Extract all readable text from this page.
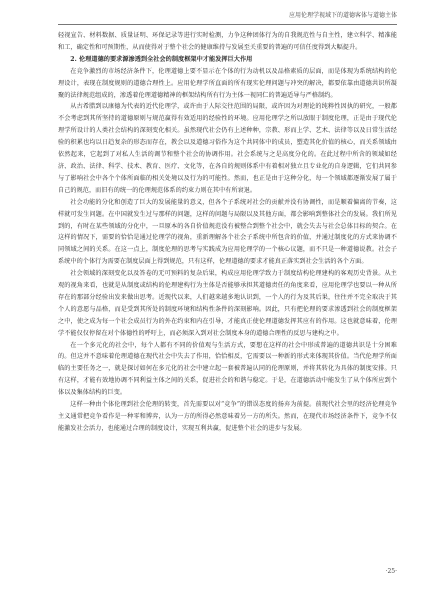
应用伦理学视域下的道德客体与道德主体

轻视宣告、材料数据、质量证明、环保记录等进行实时检测，力争这种团体行为的自我规范性与自主性，建立科学、精准能和工，确定性和可预期性，从而使得对于整个社会的健康维持与发展至关重要的普遍的可信任度得到大幅提升。

2. 伦理道德的要求源渗透到全社会的制度框架中才能发挥巨大作用

在竞争激烈的市场经济条件下，伦理道德上要不显示在个体的行为动机以及品格素质的层面，而是体现为系统结构的伦理设计，表现在制度规则的道德合理性上。应用伦理学所直面的所有现实伦理问题与冲突的解决，都要依靠由道德共识所凝聚的法律规范组成的，渗透着伦理道德精神的框架结构所有行为主体一视同仁的普遍适导与严格制约。

从古希腊到以康德为代表的近代伦理学，或许由于人际交往范围的局限，或许因为对理论的纯粹性因执的研究，一般都不会考虑到其所坚持的道德原则与规范赢得有效适用的经验性的环境。应用伦理学之所以放眼于制度伦理，正是由于现代伦理学所设计的人类社会结构的深刻变化相关。虽然现代社会仍有上述种种，宗教、形而上学、艺术、法律等以及日常生活经验的积累也均以日趋复杂的形态而存在，教会以及道德习俗作为这个共同体中的成员，塑造其化价值的核心，而关系领域由依然起来，它起到了对私人生活的调节和整个社会的协调作用。社会系统与之是高度分化的。在此过程中所含的领域如经济、政治、法律、科学、技术、教育、医疗、文化等，在各自的规则体系中有着相对独立且专业化的自身逻辑，它们共同参与了影响社会中各个个体所面临的相关处境以及行为的可能性。然而，也正是由于这种分化，每一个领域都逐渐发展了属于自己的规范，而旧有的统一的伦理规范体系的约束力则在其中有所衰退。

社会功能的分化和创造了巨大的发展能量的意义，但各个子系统对社会的贡献并没有协调性，而是顺着偏离的节奏，这样就可发生问题。在中国就发生过与那样的问题，这样的问题与局限以及其他方面，都会影响到整体社会的发展。我们所见到的，有时在某些领域的分化中，一旦原本的各自价值规范没有被整合到整个社会中，就会失去与社会总体目标的契合。在这样的情况下，需要的恰恰是通过伦理学的视角，重新理解各个社会子系统中所包含的价值，并通过制度化的方式来协调不同领域之间的关系。在这一点上，制度伦理的思考与实践成为应用伦理学的一个核心议题，而不只是一种道德说教。社会子系统中的个体行为需要在制度层面上得到规范，只有这样，伦理道德的要求才能真正落实到社会生活的各个方面。

社会领域的深刻变化以及答卷的无可预料的复杂后果，构成应用伦理学致力于制度结构伦理建构的客观历史背景。从主观的视角来看，也就是从制度或结构的伦理建构行为主体是否能够承担其道德责任的角度来看，应用伦理学也要以一种从所存在的那部分经验出发来做出思考。近现代以来，人们越来越多地认识到，一个人的行为及其后果，往往并不完全取决于其个人的意愿与品格，而是受到其所处的制度环境和结构性条件的深刻影响。因此，只有把伦理的要求渗透到社会的制度框架之中，使之成为每一个社会成员行为的外在约束和内在引导，才能真正使伦理道德发挥其应有的作用。这也就意味着，伦理学不能仅仅停留在对个体德性的呼吁上，而必须深入到对社会制度本身的道德合理性的反思与建构之中。

在一个多元化的社会中，每个人都有不同的价值观与生活方式，要想在这样的社会中形成普遍的道德共识是十分困难的。但这并不意味着伦理道德在现代社会中失去了作用，恰恰相反，它需要以一种新的形式来体现其价值。当代伦理学所面临的主要任务之一，就是探讨如何在多元化的社会中建立起一套被普遍认同的伦理原则，并将其转化为具体的制度安排。只有这样，才能有效地协调不同利益主体之间的关系，促进社会的和谐与稳定。于是，在道德活动中能发生了从个体所应到个体以及集体结构的巨变。

这样一种由个体伦理到社会伦理的转变，首先需要以对“竞争”的错误态度的扬弃为前提。前现代社会里的经济伦理竞争主义通常把竞争看作是一种零和博弈，认为一方的所得必然意味着另一方的所失。然而，在现代市场经济条件下，竞争不仅能激发社会活力，也能通过合理的制度设计，实现互利共赢，促进整个社会的进步与发展。

·25·
